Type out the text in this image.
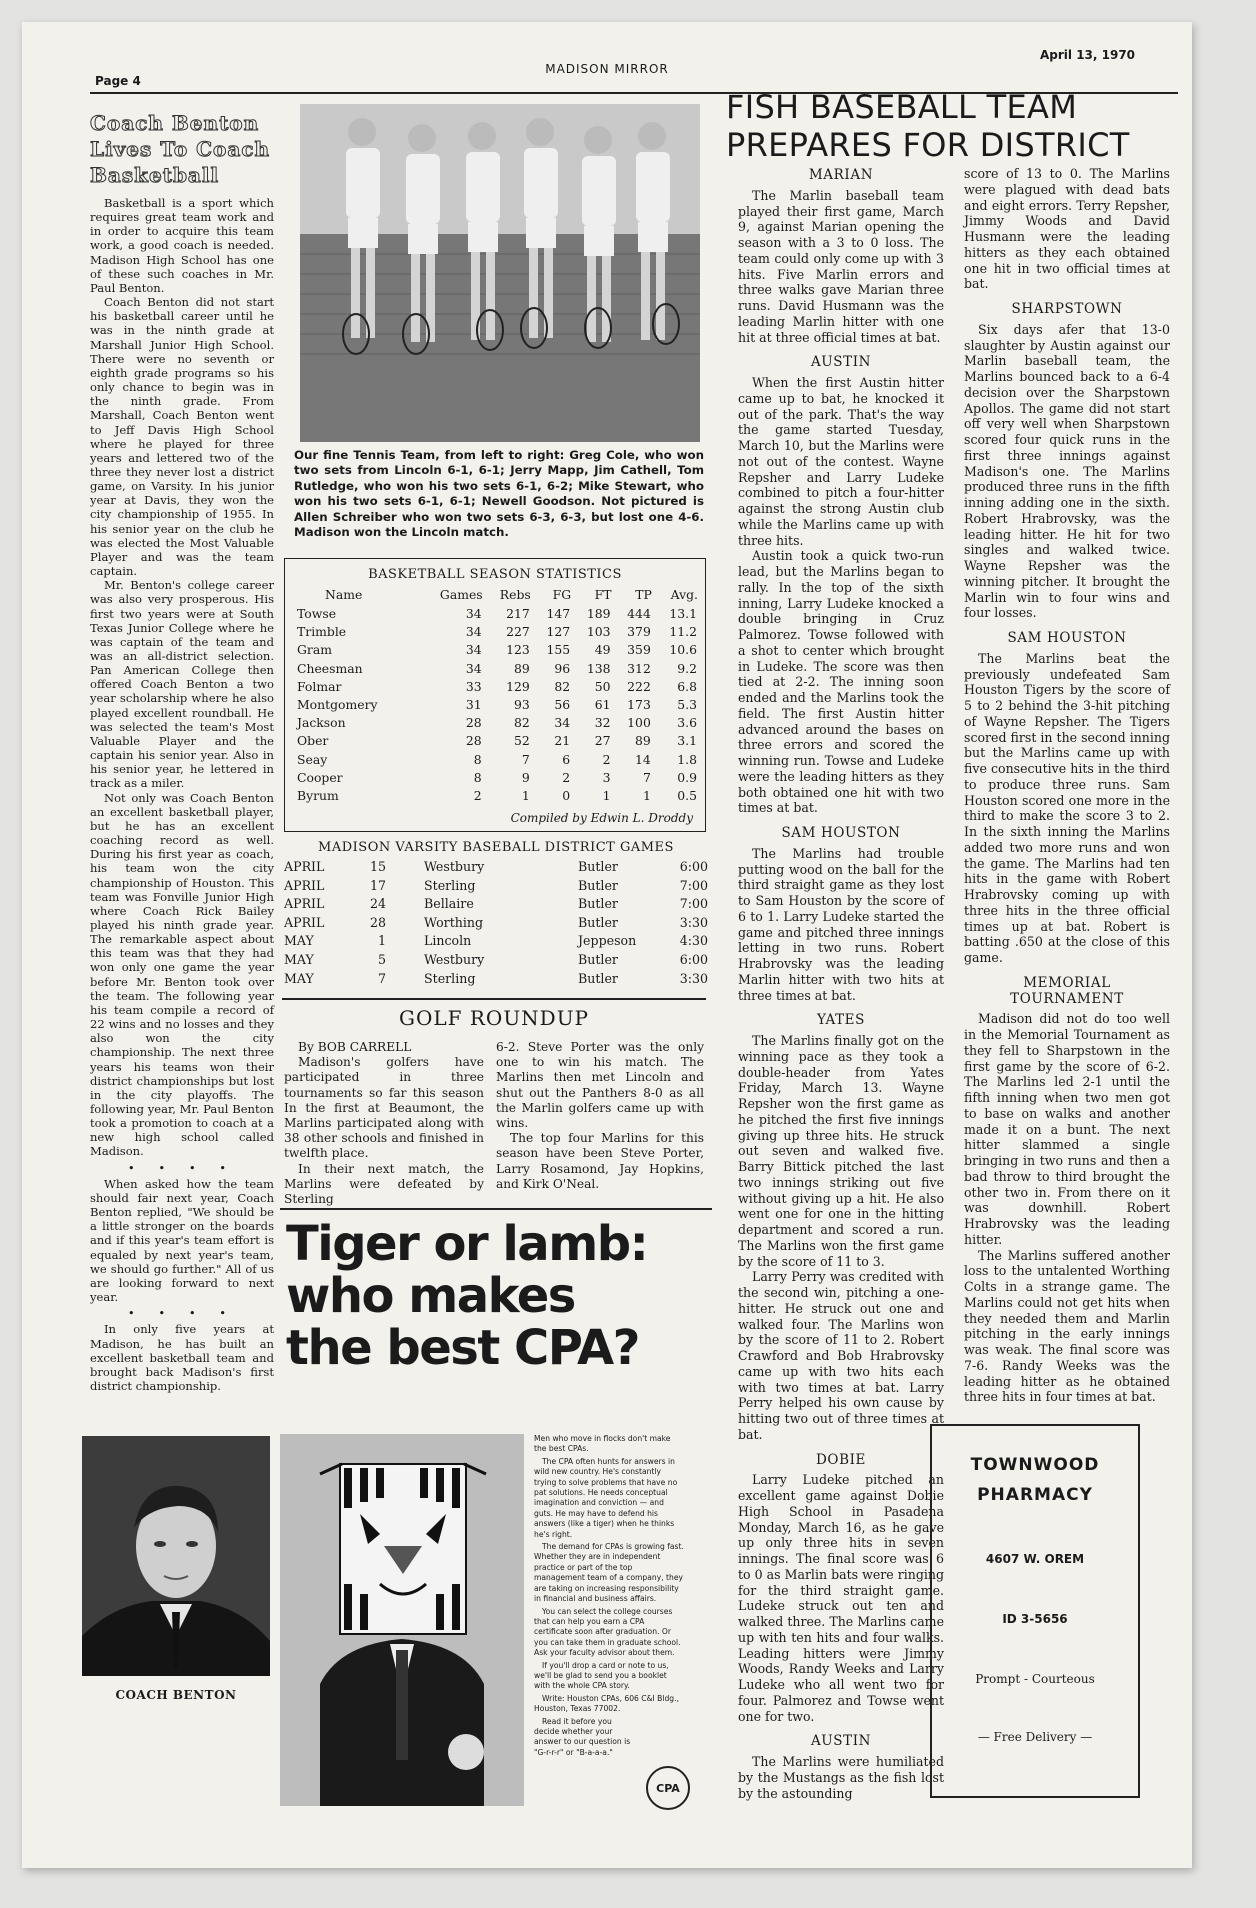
Page 4
MADISON MIRROR
April 13, 1970
Coach Benton Lives To Coach Basketball

Basketball is a sport which requires great team work and in order to acquire this team work, a good coach is needed. Madison High School has one of these such coaches in Mr. Paul Benton.

Coach Benton did not start his basketball career until he was in the ninth grade at Marshall Junior High School. There were no seventh or eighth grade programs so his only chance to begin was in the ninth grade. From Marshall, Coach Benton went to Jeff Davis High School where he played for three years and lettered two of the three they never lost a district game, on Varsity. In his junior year at Davis, they won the city championship of 1955. In his senior year on the club he was elected the Most Valuable Player and was the team captain.

Mr. Benton's college career was also very prosperous. His first two years were at South Texas Junior College where he was captain of the team and was an all-district selection. Pan American College then offered Coach Benton a two year scholarship where he also played excellent roundball. He was selected the team's Most Valuable Player and the captain his senior year. Also in his senior year, he lettered in track as a miler.

Not only was Coach Benton an excellent basketball player, but he has an excellent coaching record as well. During his first year as coach, his team won the city championship of Houston. This team was Fonville Junior High where Coach Rick Bailey played his ninth grade year. The remarkable aspect about this team was that they had won only one game the year before Mr. Benton took over the team. The following year his team compile a record of 22 wins and no losses and they also won the city championship. The next three years his teams won their district championships but lost in the city playoffs. The following year, Mr. Paul Benton took a promotion to coach at a new high school called Madison.

• • • •

When asked how the team should fair next year, Coach Benton replied, "We should be a little stronger on the boards and if this year's team effort is equaled by next year's team, we should go further." All of us are looking forward to next year.

• • • •

In only five years at Madison, he has built an excellent basketball team and brought back Madison's first district championship.

COACH BENTON
Our fine Tennis Team, from left to right: Greg Cole, who won two sets from Lincoln 6-1, 6-1; Jerry Mapp, Jim Cathell, Tom Rutledge, who won his two sets 6-1, 6-2; Mike Stewart, who won his two sets 6-1, 6-1; Newell Goodson. Not pictured is Allen Schreiber who won two sets 6-3, 6-3, but lost one 4-6. Madison won the Lincoln match.
BASKETBALL SEASON STATISTICS
Name	Games	Rebs	FG	FT	TP	Avg.
Towse	34	217	147	189	444	13.1
Trimble	34	227	127	103	379	11.2
Gram	34	123	155	49	359	10.6
Cheesman	34	89	96	138	312	9.2
Folmar	33	129	82	50	222	6.8
Montgomery	31	93	56	61	173	5.3
Jackson	28	82	34	32	100	3.6
Ober	28	52	21	27	89	3.1
Seay	8	7	6	2	14	1.8
Cooper	8	9	2	3	7	0.9
Byrum	2	1	0	1	1	0.5
Compiled by Edwin L. Droddy
MADISON VARSITY BASEBALL DISTRICT GAMES
APRIL	15	Westbury	Butler	6:00
APRIL	17	Sterling	Butler	7:00
APRIL	24	Bellaire	Butler	7:00
APRIL	28	Worthing	Butler	3:30
MAY	1	Lincoln	Jeppeson	4:30
MAY	5	Westbury	Butler	6:00
MAY	7	Sterling	Butler	3:30
GOLF ROUNDUP
By BOB CARRELL

Madison's golfers have participated in three tournaments so far this season In the first at Beaumont, the Marlins participated along with 38 other schools and finished in twelfth place.

In their next match, the Marlins were defeated by Sterling

6-2. Steve Porter was the only one to win his match. The Marlins then met Lincoln and shut out the Panthers 8-0 as all the Marlin golfers came up with wins.

The top four Marlins for this season have been Steve Porter, Larry Rosamond, Jay Hopkins, and Kirk O'Neal.

Tiger or lamb:
who makes
the best CPA?

Men who move in flocks don't make the best CPAs.

The CPA often hunts for answers in wild new country. He's constantly trying to solve problems that have no pat solutions. He needs conceptual imagination and conviction — and guts. He may have to defend his answers (like a tiger) when he thinks he's right.

The demand for CPAs is growing fast. Whether they are in independent practice or part of the top management team of a company, they are taking on increasing responsibility in financial and business affairs.

You can select the college courses that can help you earn a CPA certificate soon after graduation. Or you can take them in graduate school. Ask your faculty advisor about them.

If you'll drop a card or note to us, we'll be glad to send you a booklet with the whole CPA story.

Write: Houston CPAs, 606 C&I Bldg., Houston, Texas 77002.

Read it before you decide whether your answer to our question is "G-r-r-r" or "B-a-a-a."

CPA
FISH BASEBALL TEAM
PREPARES FOR DISTRICT
MARIAN

The Marlin baseball team played their first game, March 9, against Marian opening the season with a 3 to 0 loss. The team could only come up with 3 hits. Five Marlin errors and three walks gave Marian three runs. David Husmann was the leading Marlin hitter with one hit at three official times at bat.

AUSTIN

When the first Austin hitter came up to bat, he knocked it out of the park. That's the way the game started Tuesday, March 10, but the Marlins were not out of the contest. Wayne Repsher and Larry Ludeke combined to pitch a four-hitter against the strong Austin club while the Marlins came up with three hits.

Austin took a quick two-run lead, but the Marlins began to rally. In the top of the sixth inning, Larry Ludeke knocked a double bringing in Cruz Palmorez. Towse followed with a shot to center which brought in Ludeke. The score was then tied at 2-2. The inning soon ended and the Marlins took the field. The first Austin hitter advanced around the bases on three errors and scored the winning run. Towse and Ludeke were the leading hitters as they both obtained one hit with two times at bat.

SAM HOUSTON

The Marlins had trouble putting wood on the ball for the third straight game as they lost to Sam Houston by the score of 6 to 1. Larry Ludeke started the game and pitched three innings letting in two runs. Robert Hrabrovsky was the leading Marlin hitter with two hits at three times at bat.

YATES

The Marlins finally got on the winning pace as they took a double-header from Yates Friday, March 13. Wayne Repsher won the first game as he pitched the first five innings giving up three hits. He struck out seven and walked five. Barry Bittick pitched the last two innings striking out five without giving up a hit. He also went one for one in the hitting department and scored a run. The Marlins won the first game by the score of 11 to 3.

Larry Perry was credited with the second win, pitching a one-hitter. He struck out one and walked four. The Marlins won by the score of 11 to 2. Robert Crawford and Bob Hrabrovsky came up with two hits each with two times at bat. Larry Perry helped his own cause by hitting two out of three times at bat.

DOBIE

Larry Ludeke pitched an excellent game against Dobie High School in Pasadena Monday, March 16, as he gave up only three hits in seven innings. The final score was 6 to 0 as Marlin bats were ringing for the third straight game. Ludeke struck out ten and walked three. The Marlins came up with ten hits and four walks. Leading hitters were Jimmy Woods, Randy Weeks and Larry Ludeke who all went two for four. Palmorez and Towse went one for two.

AUSTIN

The Marlins were humiliated by the Mustangs as the fish lost by the astounding

score of 13 to 0. The Marlins were plagued with dead bats and eight errors. Terry Repsher, Jimmy Woods and David Husmann were the leading hitters as they each obtained one hit in two official times at bat.

SHARPSTOWN

Six days afer that 13-0 slaughter by Austin against our Marlin baseball team, the Marlins bounced back to a 6-4 decision over the Sharpstown Apollos. The game did not start off very well when Sharpstown scored four quick runs in the first three innings against Madison's one. The Marlins produced three runs in the fifth inning adding one in the sixth. Robert Hrabrovsky, was the leading hitter. He hit for two singles and walked twice. Wayne Repsher was the winning pitcher. It brought the Marlin win to four wins and four losses.

SAM HOUSTON

The Marlins beat the previously undefeated Sam Houston Tigers by the score of 5 to 2 behind the 3-hit pitching of Wayne Repsher. The Tigers scored first in the second inning but the Marlins came up with five consecutive hits in the third to produce three runs. Sam Houston scored one more in the third to make the score 3 to 2. In the sixth inning the Marlins added two more runs and won the game. The Marlins had ten hits in the game with Robert Hrabrovsky coming up with three hits in the three official times up at bat. Robert is batting .650 at the close of this game.

MEMORIAL TOURNAMENT

Madison did not do too well in the Memorial Tournament as they fell to Sharpstown in the first game by the score of 6-2. The Marlins led 2-1 until the fifth inning when two men got to base on walks and another made it on a bunt. The next hitter slammed a single bringing in two runs and then a bad throw to third brought the other two in. From there on it was downhill. Robert Hrabrovsky was the leading hitter.

The Marlins suffered another loss to the untalented Worthing Colts in a strange game. The Marlins could not get hits when they needed them and Marlin pitching in the early innings was weak. The final score was 7-6. Randy Weeks was the leading hitter as he obtained three hits in four times at bat.

TOWNWOOD
PHARMACY
4607 W. OREM
ID 3-5656
Prompt - Courteous
— Free Delivery —
